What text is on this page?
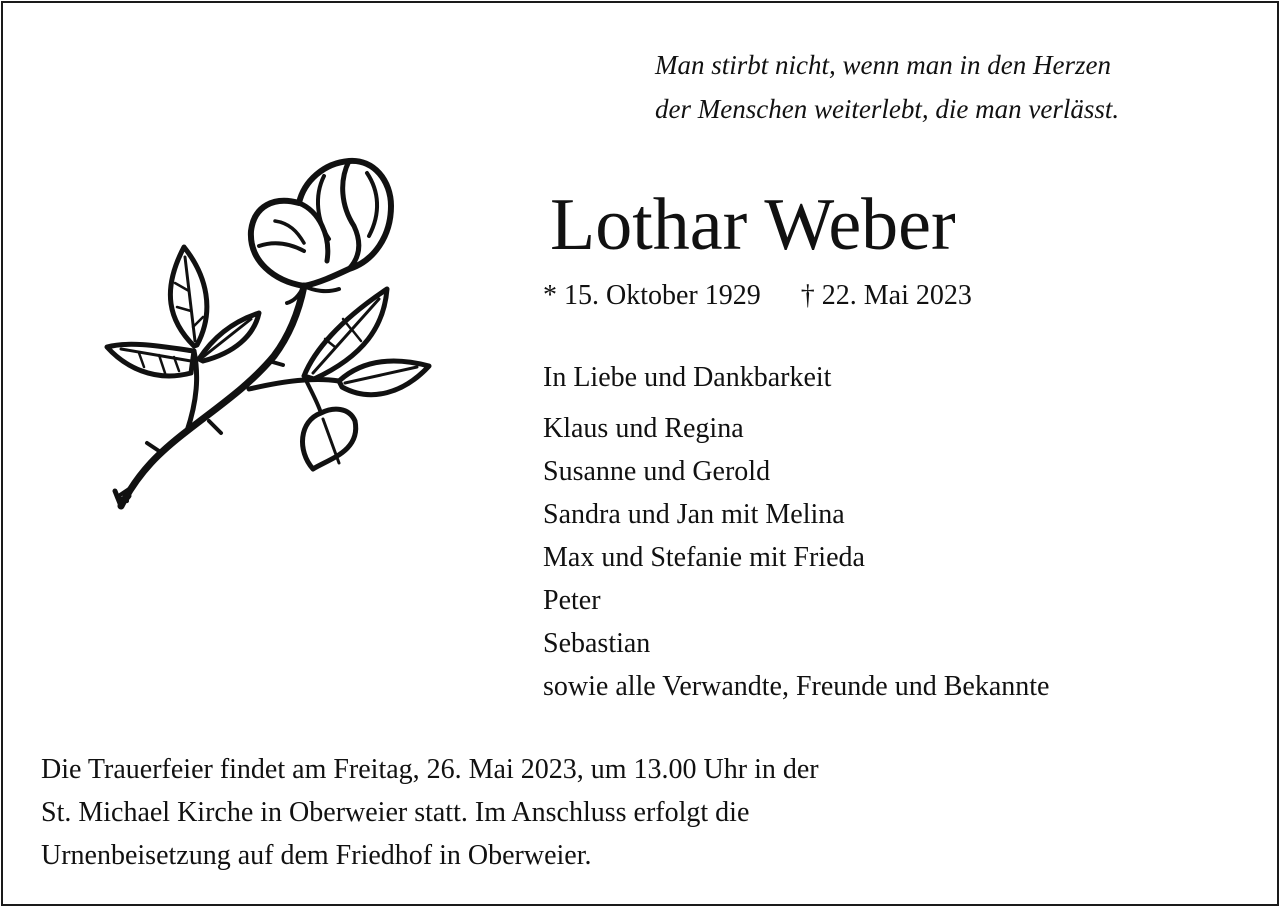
Man stirbt nicht, wenn man in den Herzen
der Menschen weiterlebt, die man verlässt.
Lothar Weber
* 15. Oktober 1929 † 22. Mai 2023
In Liebe und Dankbarkeit
Klaus und Regina
Susanne und Gerold
Sandra und Jan mit Melina
Max und Stefanie mit Frieda
Peter
Sebastian
sowie alle Verwandte, Freunde und Bekannte
Die Trauerfeier findet am Freitag, 26. Mai 2023, um 13.00 Uhr in der
St. Michael Kirche in Oberweier statt. Im Anschluss erfolgt die
Urnenbeisetzung auf dem Friedhof in Oberweier.
